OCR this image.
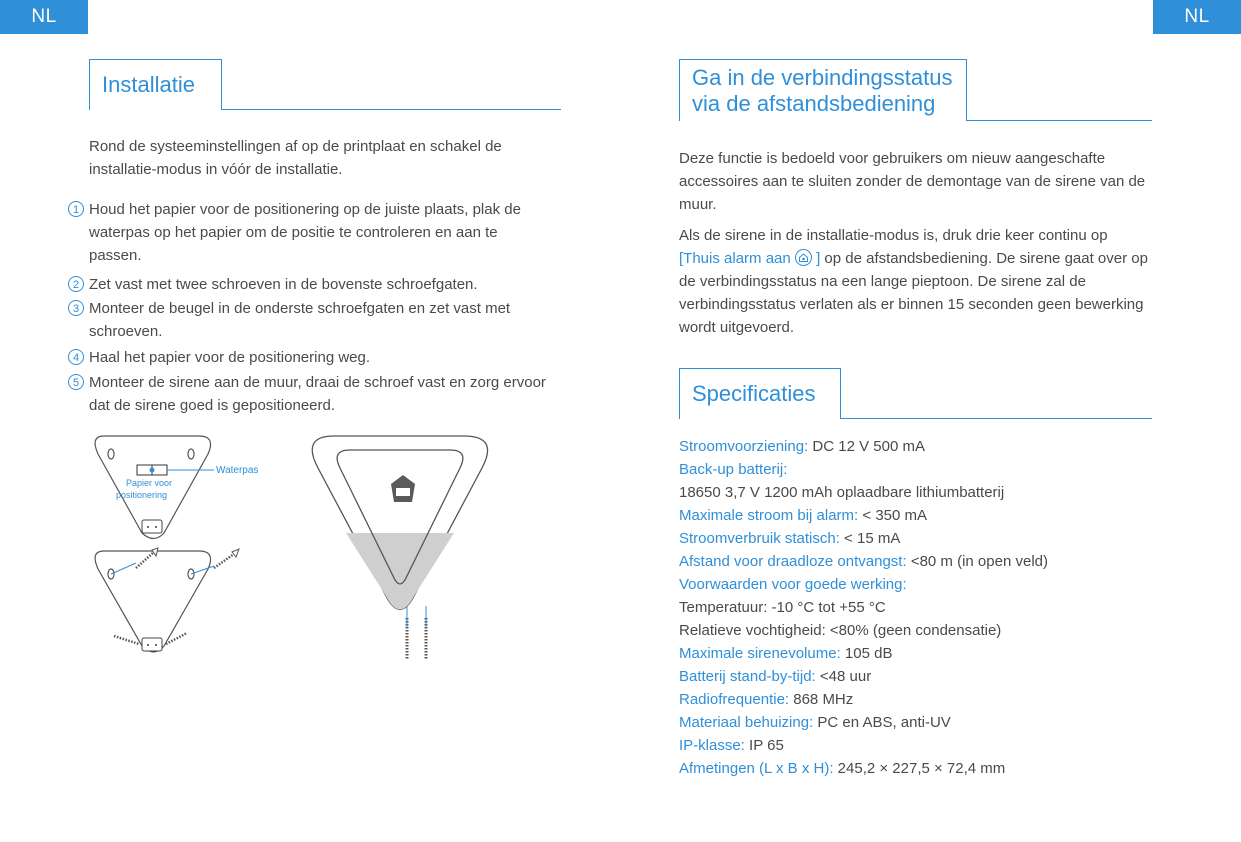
NL	NL
Installatie

Rond de systeeminstellingen af op de printplaat en schakel de installatie-modus in vóór de installatie.

1 Houd het papier voor de positionering op de juiste plaats, plak de waterpas op het papier om de positie te controleren en aan te passen.
2 Zet vast met twee schroeven in de bovenste schroefgaten.
3 Monteer de beugel in de onderste schroefgaten en zet vast met schroeven.
4 Haal het papier voor de positionering weg.
5 Monteer de sirene aan de muur, draai de schroef vast en zorg ervoor dat de sirene goed is gepositioneerd.
Waterpas
Papier voor
positionering
Ga in de verbindingsstatus
via de afstandsbediening

Deze functie is bedoeld voor gebruikers om nieuw aangeschafte accessoires aan te sluiten zonder de demontage van de sirene van de muur.

Als de sirene in de installatie-modus is, druk drie keer continu op [Thuis alarm aan ] op de afstandsbediening. De sirene gaat over op de verbindingsstatus na een lange pieptoon. De sirene zal de verbindingsstatus verlaten als er binnen 15 seconden geen bewerking wordt uitgevoerd.

Specificaties
Stroomvoorziening: DC 12 V 500 mA
Back-up batterij:
18650 3,7 V 1200 mAh oplaadbare lithiumbatterij
Maximale stroom bij alarm: < 350 mA
Stroomverbruik statisch: < 15 mA
Afstand voor draadloze ontvangst: <80 m (in open veld)
Voorwaarden voor goede werking:
Temperatuur: -10 °C tot +55 °C
Relatieve vochtigheid: <80% (geen condensatie)
Maximale sirenevolume: 105 dB
Batterij stand-by-tijd: <48 uur
Radiofrequentie: 868 MHz
Materiaal behuizing: PC en ABS, anti-UV
IP-klasse: IP 65
Afmetingen (L x B x H): 245,2 × 227,5 × 72,4 mm
